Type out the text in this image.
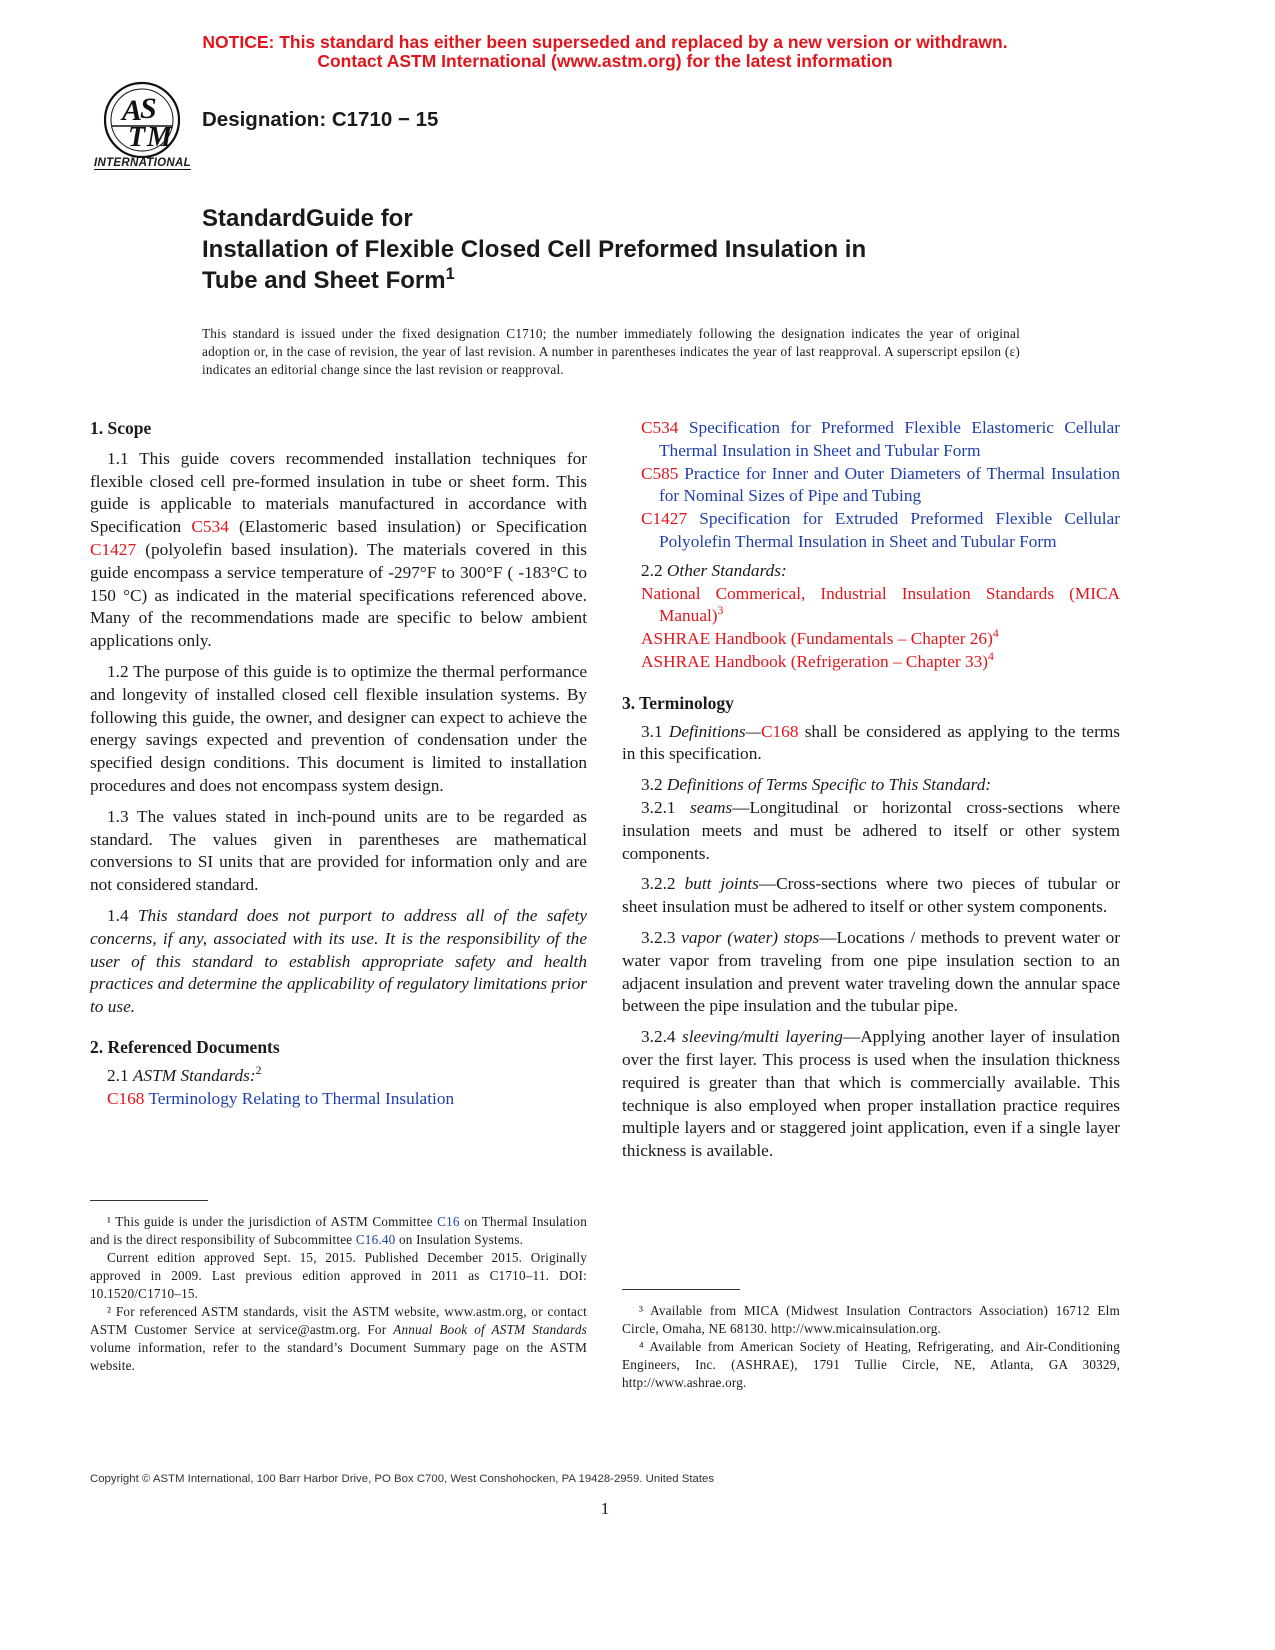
NOTICE: This standard has either been superseded and replaced by a new version or withdrawn.
Contact ASTM International (www.astm.org) for the latest information
A
S
T M
INTERNATIONAL
Designation: C1710 − 15
StandardGuide for
Installation of Flexible Closed Cell Preformed Insulation in
Tube and Sheet Form$^1$
This standard is issued under the fixed designation C1710; the number immediately following the designation indicates the year of original adoption or, in the case of revision, the year of last revision. A number in parentheses indicates the year of last reapproval. A superscript epsilon (ε) indicates an editorial change since the last revision or reapproval.
1. Scope

1.1 This guide covers recommended installation techniques for flexible closed cell pre-formed insulation in tube or sheet form. This guide is applicable to materials manufactured in accordance with Specification C534 (Elastomeric based insulation) or Specification C1427 (polyolefin based insulation). The materials covered in this guide encompass a service temperature of -297°F to 300°F ( -183°C to 150 °C) as indicated in the material specifications referenced above. Many of the recommendations made are specific to below ambient applications only.

1.2 The purpose of this guide is to optimize the thermal performance and longevity of installed closed cell flexible insulation systems. By following this guide, the owner, and designer can expect to achieve the energy savings expected and prevention of condensation under the specified design conditions. This document is limited to installation procedures and does not encompass system design.

1.3 The values stated in inch-pound units are to be regarded as standard. The values given in parentheses are mathematical conversions to SI units that are provided for information only and are not considered standard.

1.4 This standard does not purport to address all of the safety concerns, if any, associated with its use. It is the responsibility of the user of this standard to establish appropriate safety and health practices and determine the applicability of regulatory limitations prior to use.

2. Referenced Documents

2.1 ASTM Standards:$^2$

C168 Terminology Relating to Thermal Insulation

¹ This guide is under the jurisdiction of ASTM Committee C16 on Thermal Insulation and is the direct responsibility of Subcommittee C16.40 on Insulation Systems.

Current edition approved Sept. 15, 2015. Published December 2015. Originally approved in 2009. Last previous edition approved in 2011 as C1710–11. DOI: 10.1520/C1710–15.

² For referenced ASTM standards, visit the ASTM website, www.astm.org, or contact ASTM Customer Service at service@astm.org. For Annual Book of ASTM Standards volume information, refer to the standard’s Document Summary page on the ASTM website.

C534 Specification for Preformed Flexible Elastomeric Cellular Thermal Insulation in Sheet and Tubular Form

C585 Practice for Inner and Outer Diameters of Thermal Insulation for Nominal Sizes of Pipe and Tubing

C1427 Specification for Extruded Preformed Flexible Cellular Polyolefin Thermal Insulation in Sheet and Tubular Form

2.2 Other Standards:

National Commerical, Industrial Insulation Standards (MICA Manual)$^3$

ASHRAE Handbook (Fundamentals – Chapter 26)$^4$

ASHRAE Handbook (Refrigeration – Chapter 33)$^4$

3. Terminology

3.1 Definitions—C168 shall be considered as applying to the terms in this specification.

3.2 Definitions of Terms Specific to This Standard:

3.2.1 seams—Longitudinal or horizontal cross-sections where insulation meets and must be adhered to itself or other system components.

3.2.2 butt joints—Cross-sections where two pieces of tubular or sheet insulation must be adhered to itself or other system components.

3.2.3 vapor (water) stops—Locations / methods to prevent water or water vapor from traveling from one pipe insulation section to an adjacent insulation and prevent water traveling down the annular space between the pipe insulation and the tubular pipe.

3.2.4 sleeving/multi layering—Applying another layer of insulation over the first layer. This process is used when the insulation thickness required is greater than that which is commercially available. This technique is also employed when proper installation practice requires multiple layers and or staggered joint application, even if a single layer thickness is available.

³ Available from MICA (Midwest Insulation Contractors Association) 16712 Elm Circle, Omaha, NE 68130. http://www.micainsulation.org.

⁴ Available from American Society of Heating, Refrigerating, and Air-Conditioning Engineers, Inc. (ASHRAE), 1791 Tullie Circle, NE, Atlanta, GA 30329, http://www.ashrae.org.

Copyright © ASTM International, 100 Barr Harbor Drive, PO Box C700, West Conshohocken, PA 19428-2959. United States
1
